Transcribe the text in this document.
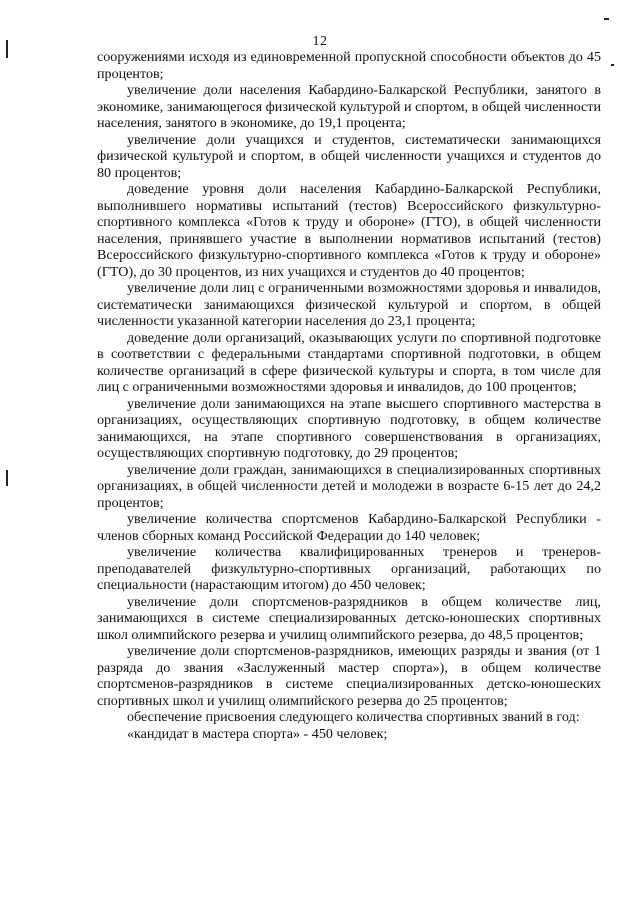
12

сооружениями исходя из единовременной пропускной способности объектов до 45 процентов;

увеличение доли населения Кабардино-Балкарской Республики, занятого в экономике, занимающегося физической культурой и спортом, в общей численности населения, занятого в экономике, до 19,1 процента;

увеличение доли учащихся и студентов, систематически занимающихся физической культурой и спортом, в общей численности учащихся и студентов до 80 процентов;

доведение уровня доли населения Кабардино-Балкарской Республики, выполнившего нормативы испытаний (тестов) Всероссийского физкультурно-спортивного комплекса «Готов к труду и обороне» (ГТО), в общей численности населения, принявшего участие в выполнении нормативов испытаний (тестов) Всероссийского физкультурно-спортивного комплекса «Готов к труду и обороне» (ГТО), до 30 процентов, из них учащихся и студентов до 40 процентов;

увеличение доли лиц с ограниченными возможностями здоровья и инвалидов, систематически занимающихся физической культурой и спортом, в общей численности указанной категории населения до 23,1 процента;

доведение доли организаций, оказывающих услуги по спортивной подготовке в соответствии с федеральными стандартами спортивной подготовки, в общем количестве организаций в сфере физической культуры и спорта, в том числе для лиц с ограниченными возможностями здоровья и инвалидов, до 100 процентов;

увеличение доли занимающихся на этапе высшего спортивного мастерства в организациях, осуществляющих спортивную подготовку, в общем количестве занимающихся, на этапе спортивного совершенствования в организациях, осуществляющих спортивную подготовку, до 29 процентов;

увеличение доли граждан, занимающихся в специализированных спортивных организациях, в общей численности детей и молодежи в возрасте 6-15 лет до 24,2 процентов;

увеличение количества спортсменов Кабардино-Балкарской Республики - членов сборных команд Российской Федерации до 140 человек;

увеличение количества квалифицированных тренеров и тренеров-преподавателей физкультурно-спортивных организаций, работающих по специальности (нарастающим итогом) до 450 человек;

увеличение доли спортсменов-разрядников в общем количестве лиц, занимающихся в системе специализированных детско-юношеских спортивных школ олимпийского резерва и училищ олимпийского резерва, до 48,5 процентов;

увеличение доли спортсменов-разрядников, имеющих разряды и звания (от 1 разряда до звания «Заслуженный мастер спорта»), в общем количестве спортсменов-разрядников в системе специализированных детско-юношеских спортивных школ и училищ олимпийского резерва до 25 процентов;

обеспечение присвоения следующего количества спортивных званий в год:

«кандидат в мастера спорта» - 450 человек;
